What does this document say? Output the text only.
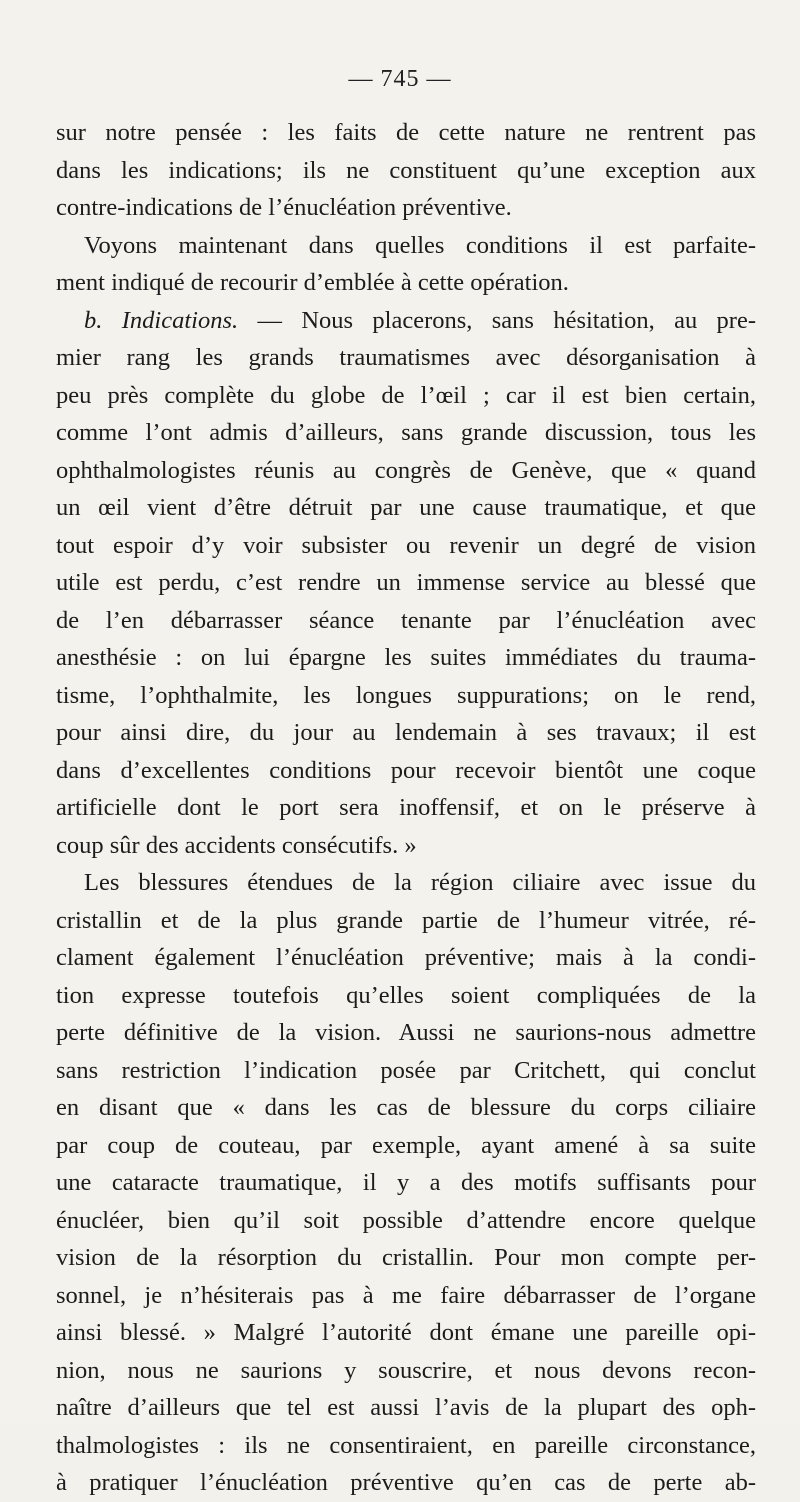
— 745 —
sur notre pensée : les faits de cette nature ne rentrent pas
dans les indications; ils ne constituent qu’une exception aux
contre-indications de l’énucléation préventive.
Voyons maintenant dans quelles conditions il est parfaite-
ment indiqué de recourir d’emblée à cette opération.
b. Indications. — Nous placerons, sans hésitation, au pre-
mier rang les grands traumatismes avec désorganisation à
peu près complète du globe de l’œil ; car il est bien certain,
comme l’ont admis d’ailleurs, sans grande discussion, tous les
ophthalmologistes réunis au congrès de Genève, que « quand
un œil vient d’être détruit par une cause traumatique, et que
tout espoir d’y voir subsister ou revenir un degré de vision
utile est perdu, c’est rendre un immense service au blessé que
de l’en débarrasser séance tenante par l’énucléation avec
anesthésie : on lui épargne les suites immédiates du trauma-
tisme, l’ophthalmite, les longues suppurations; on le rend,
pour ainsi dire, du jour au lendemain à ses travaux; il est
dans d’excellentes conditions pour recevoir bientôt une coque
artificielle dont le port sera inoffensif, et on le préserve à
coup sûr des accidents consécutifs. »
Les blessures étendues de la région ciliaire avec issue du
cristallin et de la plus grande partie de l’humeur vitrée, ré-
clament également l’énucléation préventive; mais à la condi-
tion expresse toutefois qu’elles soient compliquées de la
perte définitive de la vision. Aussi ne saurions-nous admettre
sans restriction l’indication posée par Critchett, qui conclut
en disant que « dans les cas de blessure du corps ciliaire
par coup de couteau, par exemple, ayant amené à sa suite
une cataracte traumatique, il y a des motifs suffisants pour
énucléer, bien qu’il soit possible d’attendre encore quelque
vision de la résorption du cristallin. Pour mon compte per-
sonnel, je n’hésiterais pas à me faire débarrasser de l’organe
ainsi blessé. » Malgré l’autorité dont émane une pareille opi-
nion, nous ne saurions y souscrire, et nous devons recon-
naître d’ailleurs que tel est aussi l’avis de la plupart des oph-
thalmologistes : ils ne consentiraient, en pareille circonstance,
à pratiquer l’énucléation préventive qu’en cas de perte ab-
